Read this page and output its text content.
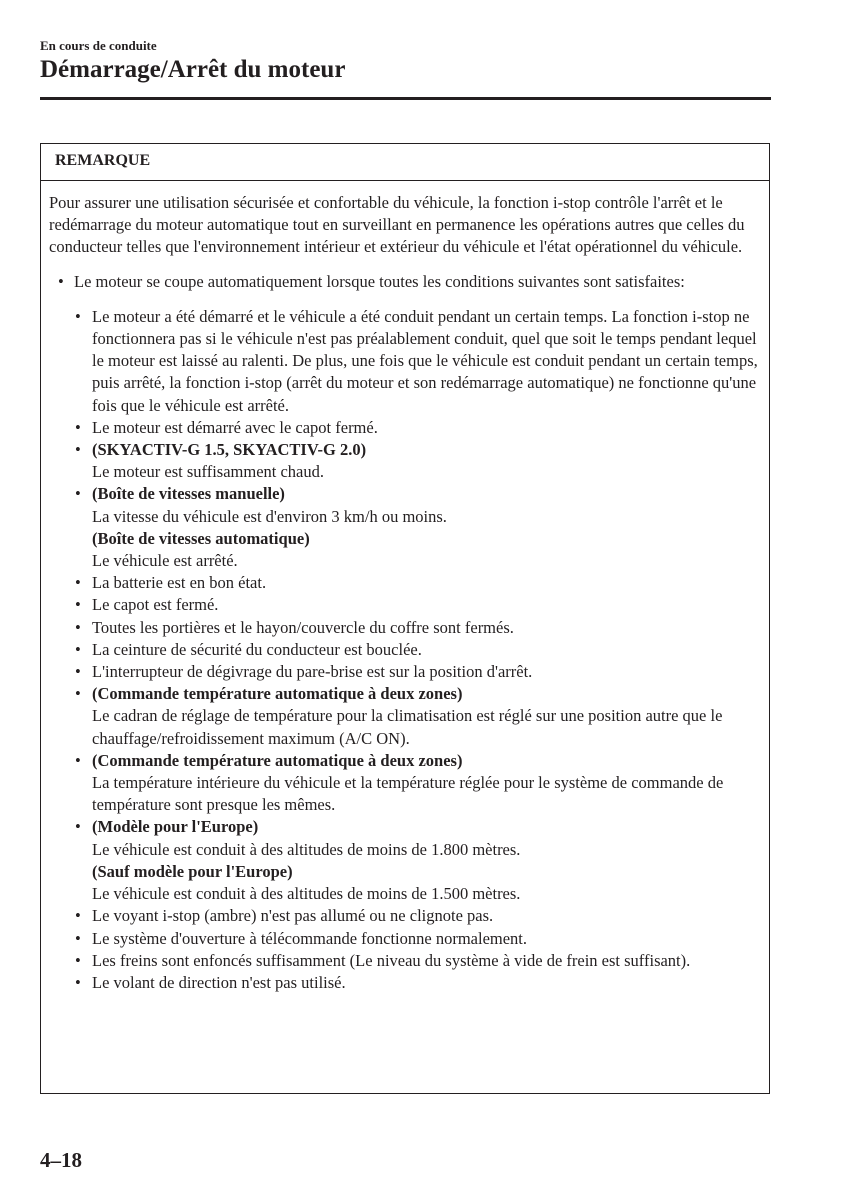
En cours de conduite
Démarrage/Arrêt du moteur
REMARQUE
Pour assurer une utilisation sécurisée et confortable du véhicule, la fonction i-stop contrôle l'arrêt et le redémarrage du moteur automatique tout en surveillant en permanence les opérations autres que celles du conducteur telles que l'environnement intérieur et extérieur du véhicule et l'état opérationnel du véhicule.
• Le moteur se coupe automatiquement lorsque toutes les conditions suivantes sont satisfaites:
• Le moteur a été démarré et le véhicule a été conduit pendant un certain temps. La fonction i-stop ne fonctionnera pas si le véhicule n'est pas préalablement conduit, quel que soit le temps pendant lequel le moteur est laissé au ralenti. De plus, une fois que le véhicule est conduit pendant un certain temps, puis arrêté, la fonction i-stop (arrêt du moteur et son redémarrage automatique) ne fonctionne qu'une fois que le véhicule est arrêté.
• Le moteur est démarré avec le capot fermé.
• (SKYACTIV-G 1.5, SKYACTIV-G 2.0)
Le moteur est suffisamment chaud.
• (Boîte de vitesses manuelle)
La vitesse du véhicule est d'environ 3 km/h ou moins.
(Boîte de vitesses automatique)
Le véhicule est arrêté.
• La batterie est en bon état.
• Le capot est fermé.
• Toutes les portières et le hayon/couvercle du coffre sont fermés.
• La ceinture de sécurité du conducteur est bouclée.
• L'interrupteur de dégivrage du pare-brise est sur la position d'arrêt.
• (Commande température automatique à deux zones)
Le cadran de réglage de température pour la climatisation est réglé sur une position autre que le chauffage/refroidissement maximum (A/C ON).
• (Commande température automatique à deux zones)
La température intérieure du véhicule et la température réglée pour le système de commande de température sont presque les mêmes.
• (Modèle pour l'Europe)
Le véhicule est conduit à des altitudes de moins de 1.800 mètres.
(Sauf modèle pour l'Europe)
Le véhicule est conduit à des altitudes de moins de 1.500 mètres.
• Le voyant i-stop (ambre) n'est pas allumé ou ne clignote pas.
• Le système d'ouverture à télécommande fonctionne normalement.
• Les freins sont enfoncés suffisamment (Le niveau du système à vide de frein est suffisant).
• Le volant de direction n'est pas utilisé.
4–18
